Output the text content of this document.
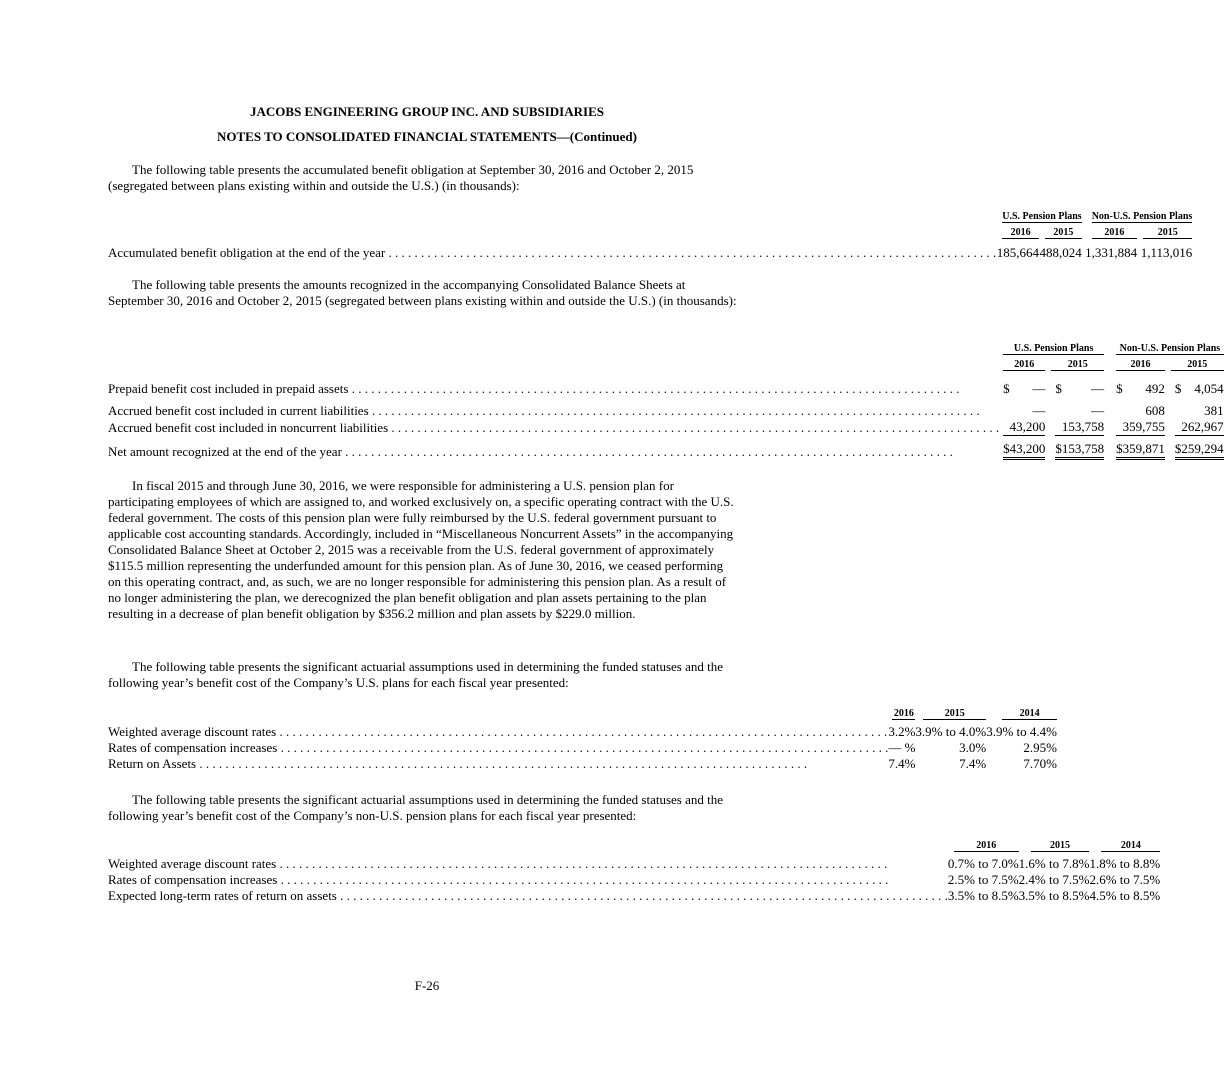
JACOBS ENGINEERING GROUP INC. AND SUBSIDIARIES
NOTES TO CONSOLIDATED FINANCIAL STATEMENTS—(Continued)
The following table presents the accumulated benefit obligation at September 30, 2016 and October 2, 2015 (segregated between plans existing within and outside the U.S.) (in thousands):

	U.S. Pension Plans		Non-U.S. Pension Plans	

	2016	2015	2016	2015

Accumulated benefit obligation at the end of the year . . .	185,664	488,024	1,331,884	1,113,016
The following table presents the amounts recognized in the accompanying Consolidated Balance Sheets at September 30, 2016 and October 2, 2015 (segregated between plans existing within and outside the U.S.) (in thousands):

	U.S. Pension Plans		Non-U.S. Pension Plans	

	2016	2015	2016	2015

Prepaid benefit cost included in prepaid assets . . .	$ —	$ —	$ 492	$ 4,054

Accrued benefit cost included in current liabilities . . .	—	—	608	381

Accrued benefit cost included in noncurrent liabilities . . .	43,200	153,758	359,755	262,967

Net amount recognized at the end of the year . . .	$43,200	$153,758	$359,871	$259,294
In fiscal 2015 and through June 30, 2016, we were responsible for administering a U.S. pension plan for participating employees of which are assigned to, and worked exclusively on, a specific operating contract with the U.S. federal government. The costs of this pension plan were fully reimbursed by the U.S. federal government pursuant to applicable cost accounting standards. Accordingly, included in “Miscellaneous Noncurrent Assets” in the accompanying Consolidated Balance Sheet at October 2, 2015 was a receivable from the U.S. federal government of approximately $115.5 million representing the underfunded amount for this pension plan. As of June 30, 2016, we ceased performing on this operating contract, and, as such, we are no longer responsible for administering this pension plan. As a result of no longer administering the plan, we derecognized the plan benefit obligation and plan assets pertaining to the plan resulting in a decrease of plan benefit obligation by $356.2 million and plan assets by $229.0 million.
The following table presents the significant actuarial assumptions used in determining the funded statuses and the following year’s benefit cost of the Company’s U.S. plans for each fiscal year presented:

	2016	2015	2014

Weighted average discount rates . . .	3.2%	3.9% to 4.0%	3.9% to 4.4%

Rates of compensation increases . . .	— %	3.0%	2.95%

Return on Assets . . .	7.4%	7.4%	7.70%
The following table presents the significant actuarial assumptions used in determining the funded statuses and the following year’s benefit cost of the Company’s non-U.S. pension plans for each fiscal year presented:

	2016	2015	2014

Weighted average discount rates . . .	0.7% to 7.0%	1.6% to 7.8%	1.8% to 8.8%

Rates of compensation increases . . .	2.5% to 7.5%	2.4% to 7.5%	2.6% to 7.5%

Expected long-term rates of return on assets . . .	3.5% to 8.5%	3.5% to 8.5%	4.5% to 8.5%
F-26
